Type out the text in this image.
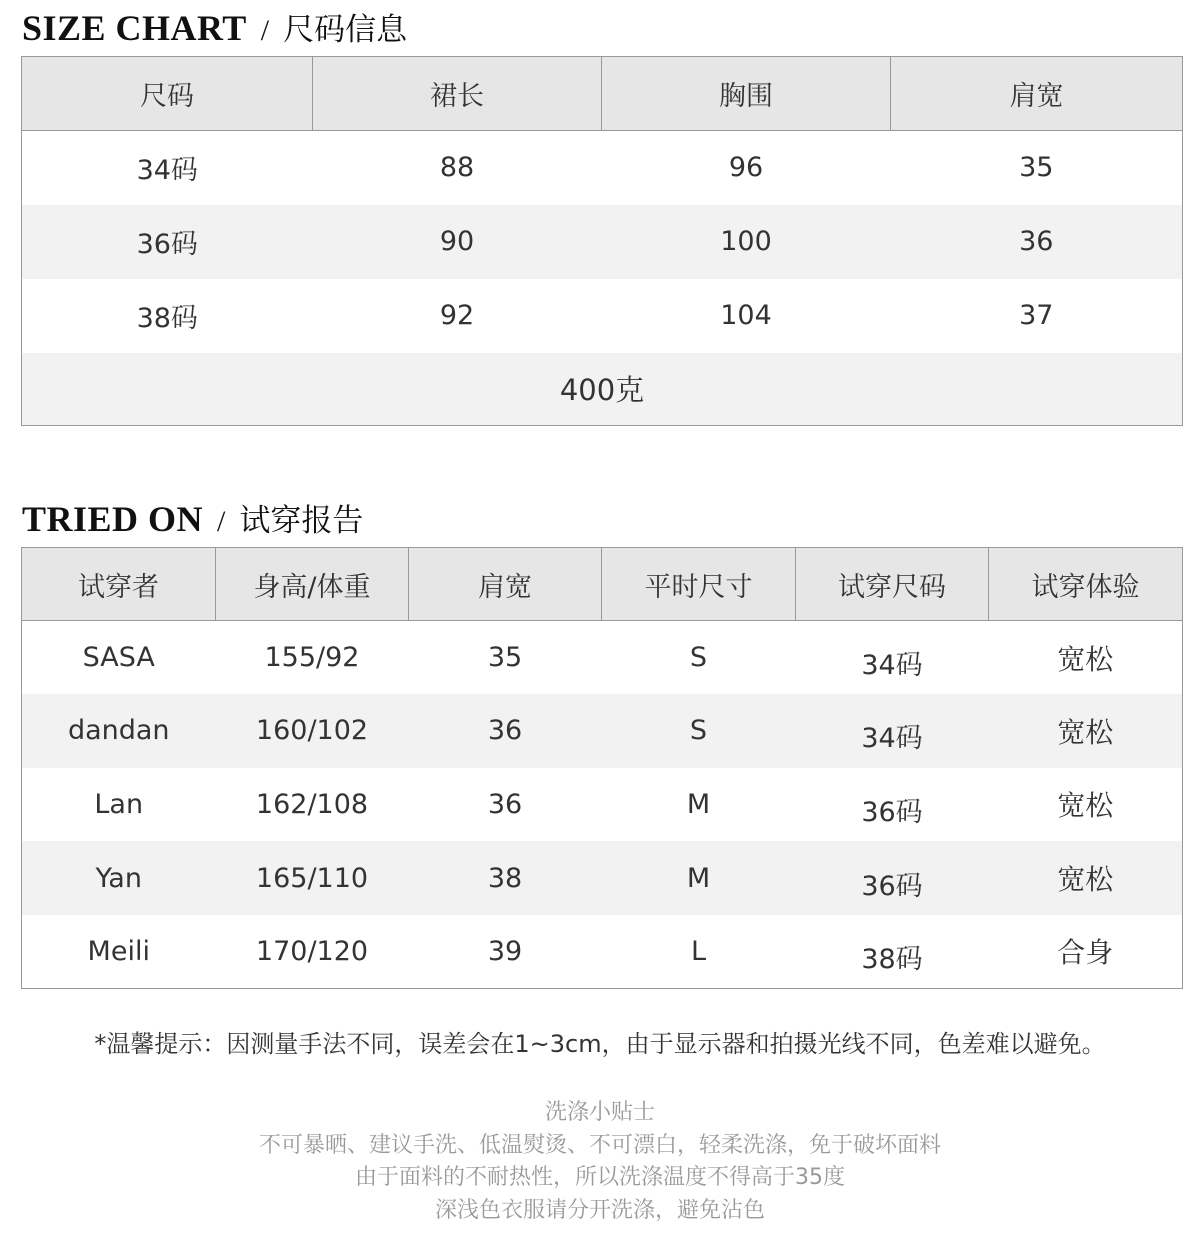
SIZE CHART / 尺码信息
尺码	裙长	胸围	肩宽
34码	88	96	35
36码	90	100	36
38码	92	104	37
400克			
TRIED ON / 试穿报告
试穿者	身高/体重	肩宽	平时尺寸	试穿尺码	试穿体验
SASA	155/92	35	S	34码	宽松
dandan	160/102	36	S	34码	宽松
Lan	162/108	36	M	36码	宽松
Yan	165/110	38	M	36码	宽松
Meili	170/120	39	L	38码	合身
*温馨提示：因测量手法不同，误差会在1~3cm，由于显示器和拍摄光线不同，色差难以避免。
洗涤小贴士
不可暴晒、建议手洗、低温熨烫、不可漂白，轻柔洗涤，免于破坏面料
由于面料的不耐热性，所以洗涤温度不得高于35度
深浅色衣服请分开洗涤，避免沾色
